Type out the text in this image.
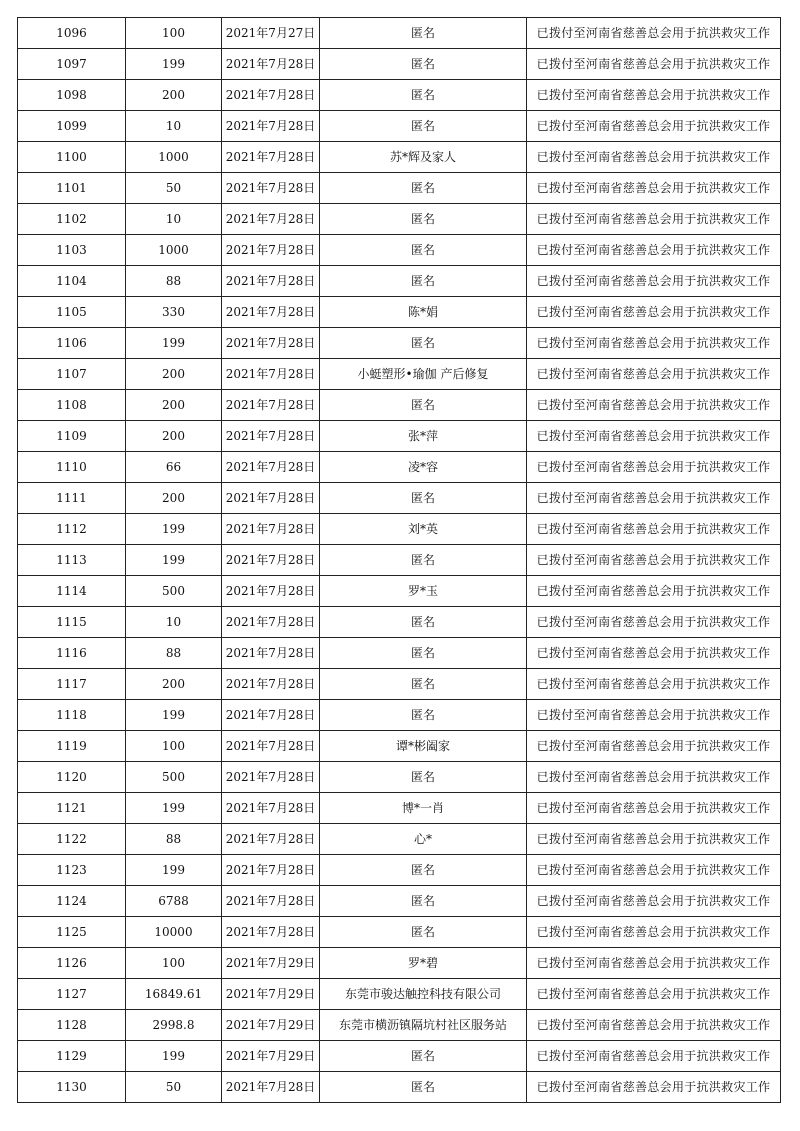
1096	100	2021年7月27日	匿名	已拨付至河南省慈善总会用于抗洪救灾工作
1097	199	2021年7月28日	匿名	已拨付至河南省慈善总会用于抗洪救灾工作
1098	200	2021年7月28日	匿名	已拨付至河南省慈善总会用于抗洪救灾工作
1099	10	2021年7月28日	匿名	已拨付至河南省慈善总会用于抗洪救灾工作
1100	1000	2021年7月28日	苏*辉及家人	已拨付至河南省慈善总会用于抗洪救灾工作
1101	50	2021年7月28日	匿名	已拨付至河南省慈善总会用于抗洪救灾工作
1102	10	2021年7月28日	匿名	已拨付至河南省慈善总会用于抗洪救灾工作
1103	1000	2021年7月28日	匿名	已拨付至河南省慈善总会用于抗洪救灾工作
1104	88	2021年7月28日	匿名	已拨付至河南省慈善总会用于抗洪救灾工作
1105	330	2021年7月28日	陈*娟	已拨付至河南省慈善总会用于抗洪救灾工作
1106	199	2021年7月28日	匿名	已拨付至河南省慈善总会用于抗洪救灾工作
1107	200	2021年7月28日	小蜓塑形•瑜伽 产后修复	已拨付至河南省慈善总会用于抗洪救灾工作
1108	200	2021年7月28日	匿名	已拨付至河南省慈善总会用于抗洪救灾工作
1109	200	2021年7月28日	张*萍	已拨付至河南省慈善总会用于抗洪救灾工作
1110	66	2021年7月28日	凌*容	已拨付至河南省慈善总会用于抗洪救灾工作
1111	200	2021年7月28日	匿名	已拨付至河南省慈善总会用于抗洪救灾工作
1112	199	2021年7月28日	刘*英	已拨付至河南省慈善总会用于抗洪救灾工作
1113	199	2021年7月28日	匿名	已拨付至河南省慈善总会用于抗洪救灾工作
1114	500	2021年7月28日	罗*玉	已拨付至河南省慈善总会用于抗洪救灾工作
1115	10	2021年7月28日	匿名	已拨付至河南省慈善总会用于抗洪救灾工作
1116	88	2021年7月28日	匿名	已拨付至河南省慈善总会用于抗洪救灾工作
1117	200	2021年7月28日	匿名	已拨付至河南省慈善总会用于抗洪救灾工作
1118	199	2021年7月28日	匿名	已拨付至河南省慈善总会用于抗洪救灾工作
1119	100	2021年7月28日	谭*彬阖家	已拨付至河南省慈善总会用于抗洪救灾工作
1120	500	2021年7月28日	匿名	已拨付至河南省慈善总会用于抗洪救灾工作
1121	199	2021年7月28日	博*一肖	已拨付至河南省慈善总会用于抗洪救灾工作
1122	88	2021年7月28日	心*	已拨付至河南省慈善总会用于抗洪救灾工作
1123	199	2021年7月28日	匿名	已拨付至河南省慈善总会用于抗洪救灾工作
1124	6788	2021年7月28日	匿名	已拨付至河南省慈善总会用于抗洪救灾工作
1125	10000	2021年7月28日	匿名	已拨付至河南省慈善总会用于抗洪救灾工作
1126	100	2021年7月29日	罗*碧	已拨付至河南省慈善总会用于抗洪救灾工作
1127	16849.61	2021年7月29日	东莞市骏达触控科技有限公司	已拨付至河南省慈善总会用于抗洪救灾工作
1128	2998.8	2021年7月29日	东莞市横沥镇隔坑村社区服务站	已拨付至河南省慈善总会用于抗洪救灾工作
1129	199	2021年7月29日	匿名	已拨付至河南省慈善总会用于抗洪救灾工作
1130	50	2021年7月28日	匿名	已拨付至河南省慈善总会用于抗洪救灾工作
